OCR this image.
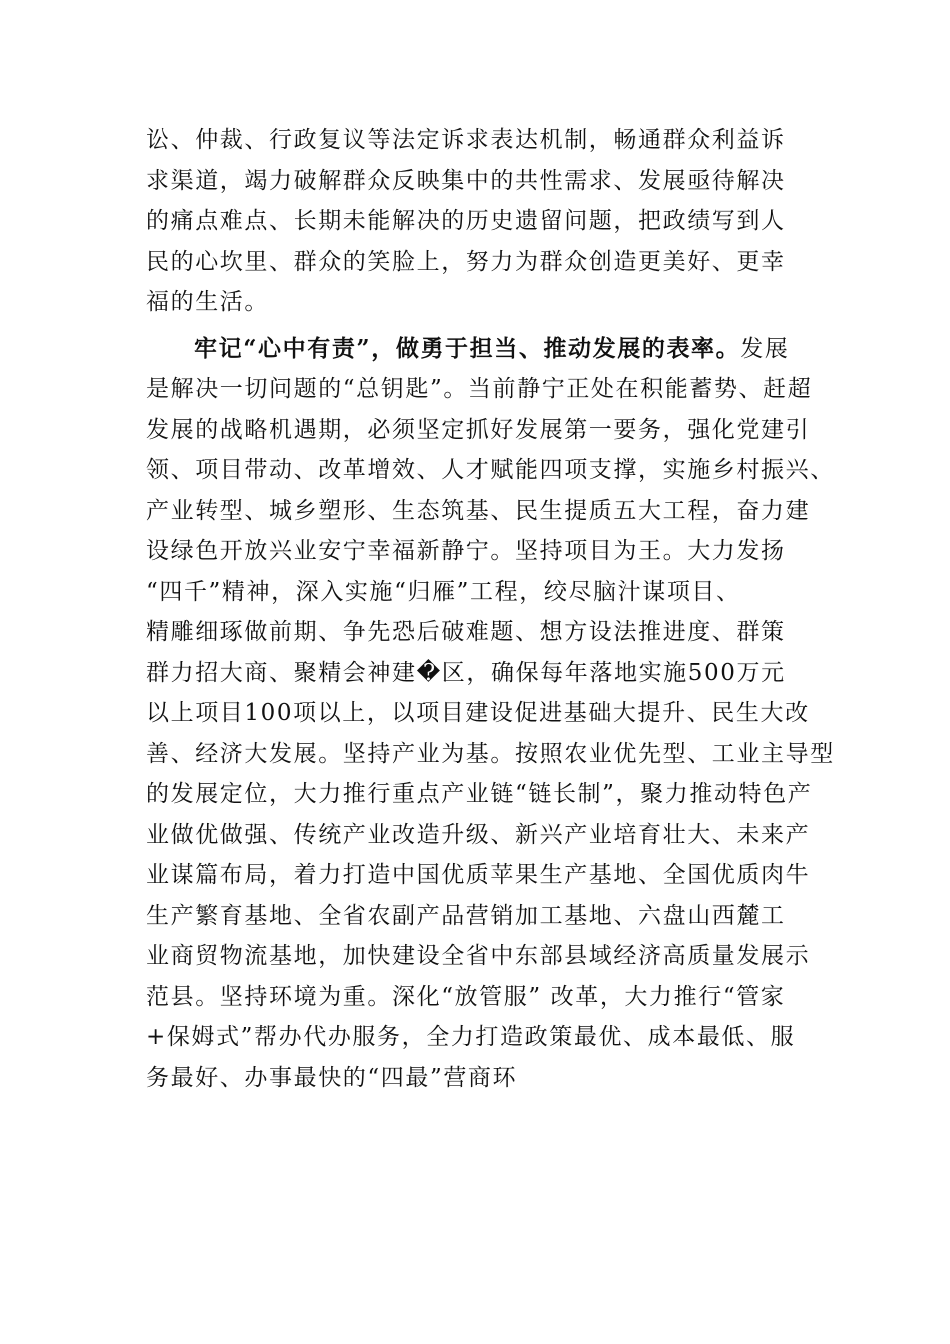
讼、仲裁、行政复议等法定诉求表达机制，畅通群众利益诉
求渠道，竭力破解群众反映集中的共性需求、发展亟待解决
的痛点难点、长期未能解决的历史遗留问题，把政绩写到人
民的心坎里、群众的笑脸上，努力为群众创造更美好、更幸
福的生活。
牢记“心中有责”，做勇于担当、推动发展的表率。发展
是解决一切问题的“总钥匙”。当前静宁正处在积能蓄势、赶超
发展的战略机遇期，必须坚定抓好发展第一要务，强化党建引
领、项目带动、改革增效、人才赋能四项支撑，实施乡村振兴、
产业转型、城乡塑形、生态筑基、民生提质五大工程，奋力建
设绿色开放兴业安宁幸福新静宁。坚持项目为王。大力发扬
“四千”精神，深入实施“归雁”工程，绞尽脑汁谋项目、
精雕细琢做前期、争先恐后破难题、想方设法推进度、群策
群力招大商、聚精会神建�区，确保每年落地实施500万元
以上项目100项以上，以项目建设促进基础大提升、民生大改
善、经济大发展。坚持产业为基。按照农业优先型、工业主导型
的发展定位，大力推行重点产业链“链长制”，聚力推动特色产
业做优做强、传统产业改造升级、新兴产业培育壮大、未来产
业谋篇布局，着力打造中国优质苹果生产基地、全国优质肉牛
生产繁育基地、全省农副产品营销加工基地、六盘山西麓工
业商贸物流基地，加快建设全省中东部县域经济高质量发展示
范县。坚持环境为重。深化“放管服” 改革，大力推行“管家
+保姆式”帮办代办服务，全力打造政策最优、成本最低、服
务最好、办事最快的“四最”营商环
